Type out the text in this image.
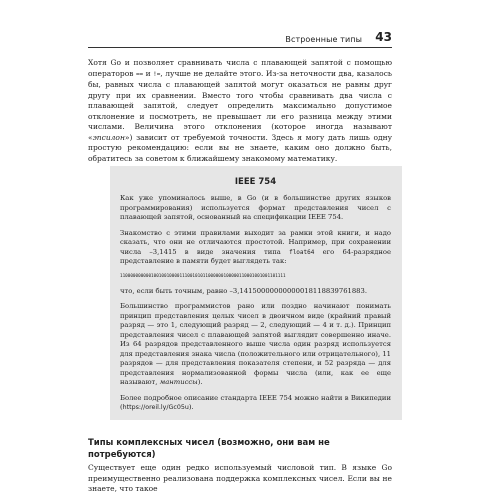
Встроенные типы 43

Хотя Go и позволяет сравнивать числа с плавающей запятой с помощью операторов == и !=, лучше не делайте этого. Из-за неточности два, казалось бы, равных числа с плавающей запятой могут оказаться не равны друг другу при их сравнении. Вместо того чтобы сравнивать два числа с плавающей запятой, следует определить максимально допустимое отклонение и посмотреть, не превышает ли его разница между этими числами. Величина этого отклонения (которое иногда называют «эпсилон») зависит от требуемой точности. Здесь я могу дать лишь одну простую рекомендацию: если вы не знаете, каким оно должно быть, обратитесь за советом к ближайшему знакомому математику.

IEEE 754

Как уже упоминалось выше, в Go (и в большинстве других языков программирования) используется формат представления чисел с плавающей запятой, основанный на спецификации IEEE 754.

Знакомство с этими правилами выходит за рамки этой книги, и надо сказать, что они не отличаются простотой. Например, при сохранении числа –3,1415 в виде значения типа float64 его 64-разрядное представление в памяти будет выглядеть так:

1100000000001001001000011100101011000000100000110001001001101111

что, если быть точным, равно –3,14150000000000018118839761883.

Большинство программистов рано или поздно начинают понимать принцип представления целых чисел в двоичном виде (крайний правый разряд — это 1, следующий разряд — 2, следующий — 4 и т. д.). Принцип представления чисел с плавающей запятой выглядит совершенно иначе. Из 64 разрядов представленного выше числа один разряд используется для представления знака числа (положительного или отрицательного), 11 разрядов — для представления показателя степени, и 52 разряда — для представления нормализованной формы числа (или, как ее еще называют, мантиссы).

Более подробное описание стандарта IEEE 754 можно найти в Википедии (https://oreil.ly/Gc05u).

Типы комплексных чисел (возможно, они вам не потребуются)

Существует еще один редко используемый числовой тип. В языке Go преимущественно реализована поддержка комплексных чисел. Если вы не знаете, что такое
